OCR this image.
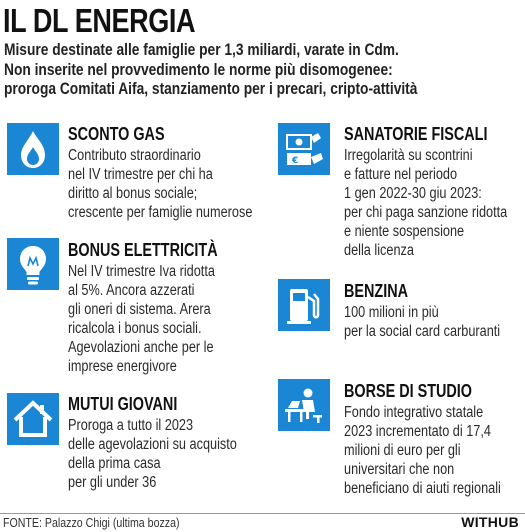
IL DL ENERGIA
Misure destinate alle famiglie per 1,3 miliardi, varate in Cdm.
Non inserite nel provvedimento le norme più disomogenee:
proroga Comitati Aifa, stanziamento per i precari, cripto-attività
SCONTO GAS
Contributo straordinario
nel IV trimestre per chi ha
diritto al bonus sociale;
crescente per famiglie numerose
BONUS ELETTRICITÀ
Nel IV trimestre Iva ridotta
al 5%. Ancora azzerati
gli oneri di sistema. Arera
ricalcola i bonus sociali.
Agevolazioni anche per le
imprese energivore
MUTUI GIOVANI
Proroga a tutto il 2023
delle agevolazioni su acquisto
della prima casa
per gli under 36
€
SANATORIE FISCALI
Irregolarità su scontrini
e fatture nel periodo
1 gen 2022-30 giu 2023:
per chi paga sanzione ridotta
e niente sospensione
della licenza
BENZINA
100 milioni in più
per la social card carburanti
BORSE DI STUDIO
Fondo integrativo statale
2023 incrementato di 17,4
milioni di euro per gli
universitari che non
beneficiano di aiuti regionali
FONTE: Palazzo Chigi (ultima bozza)	WITHUB
